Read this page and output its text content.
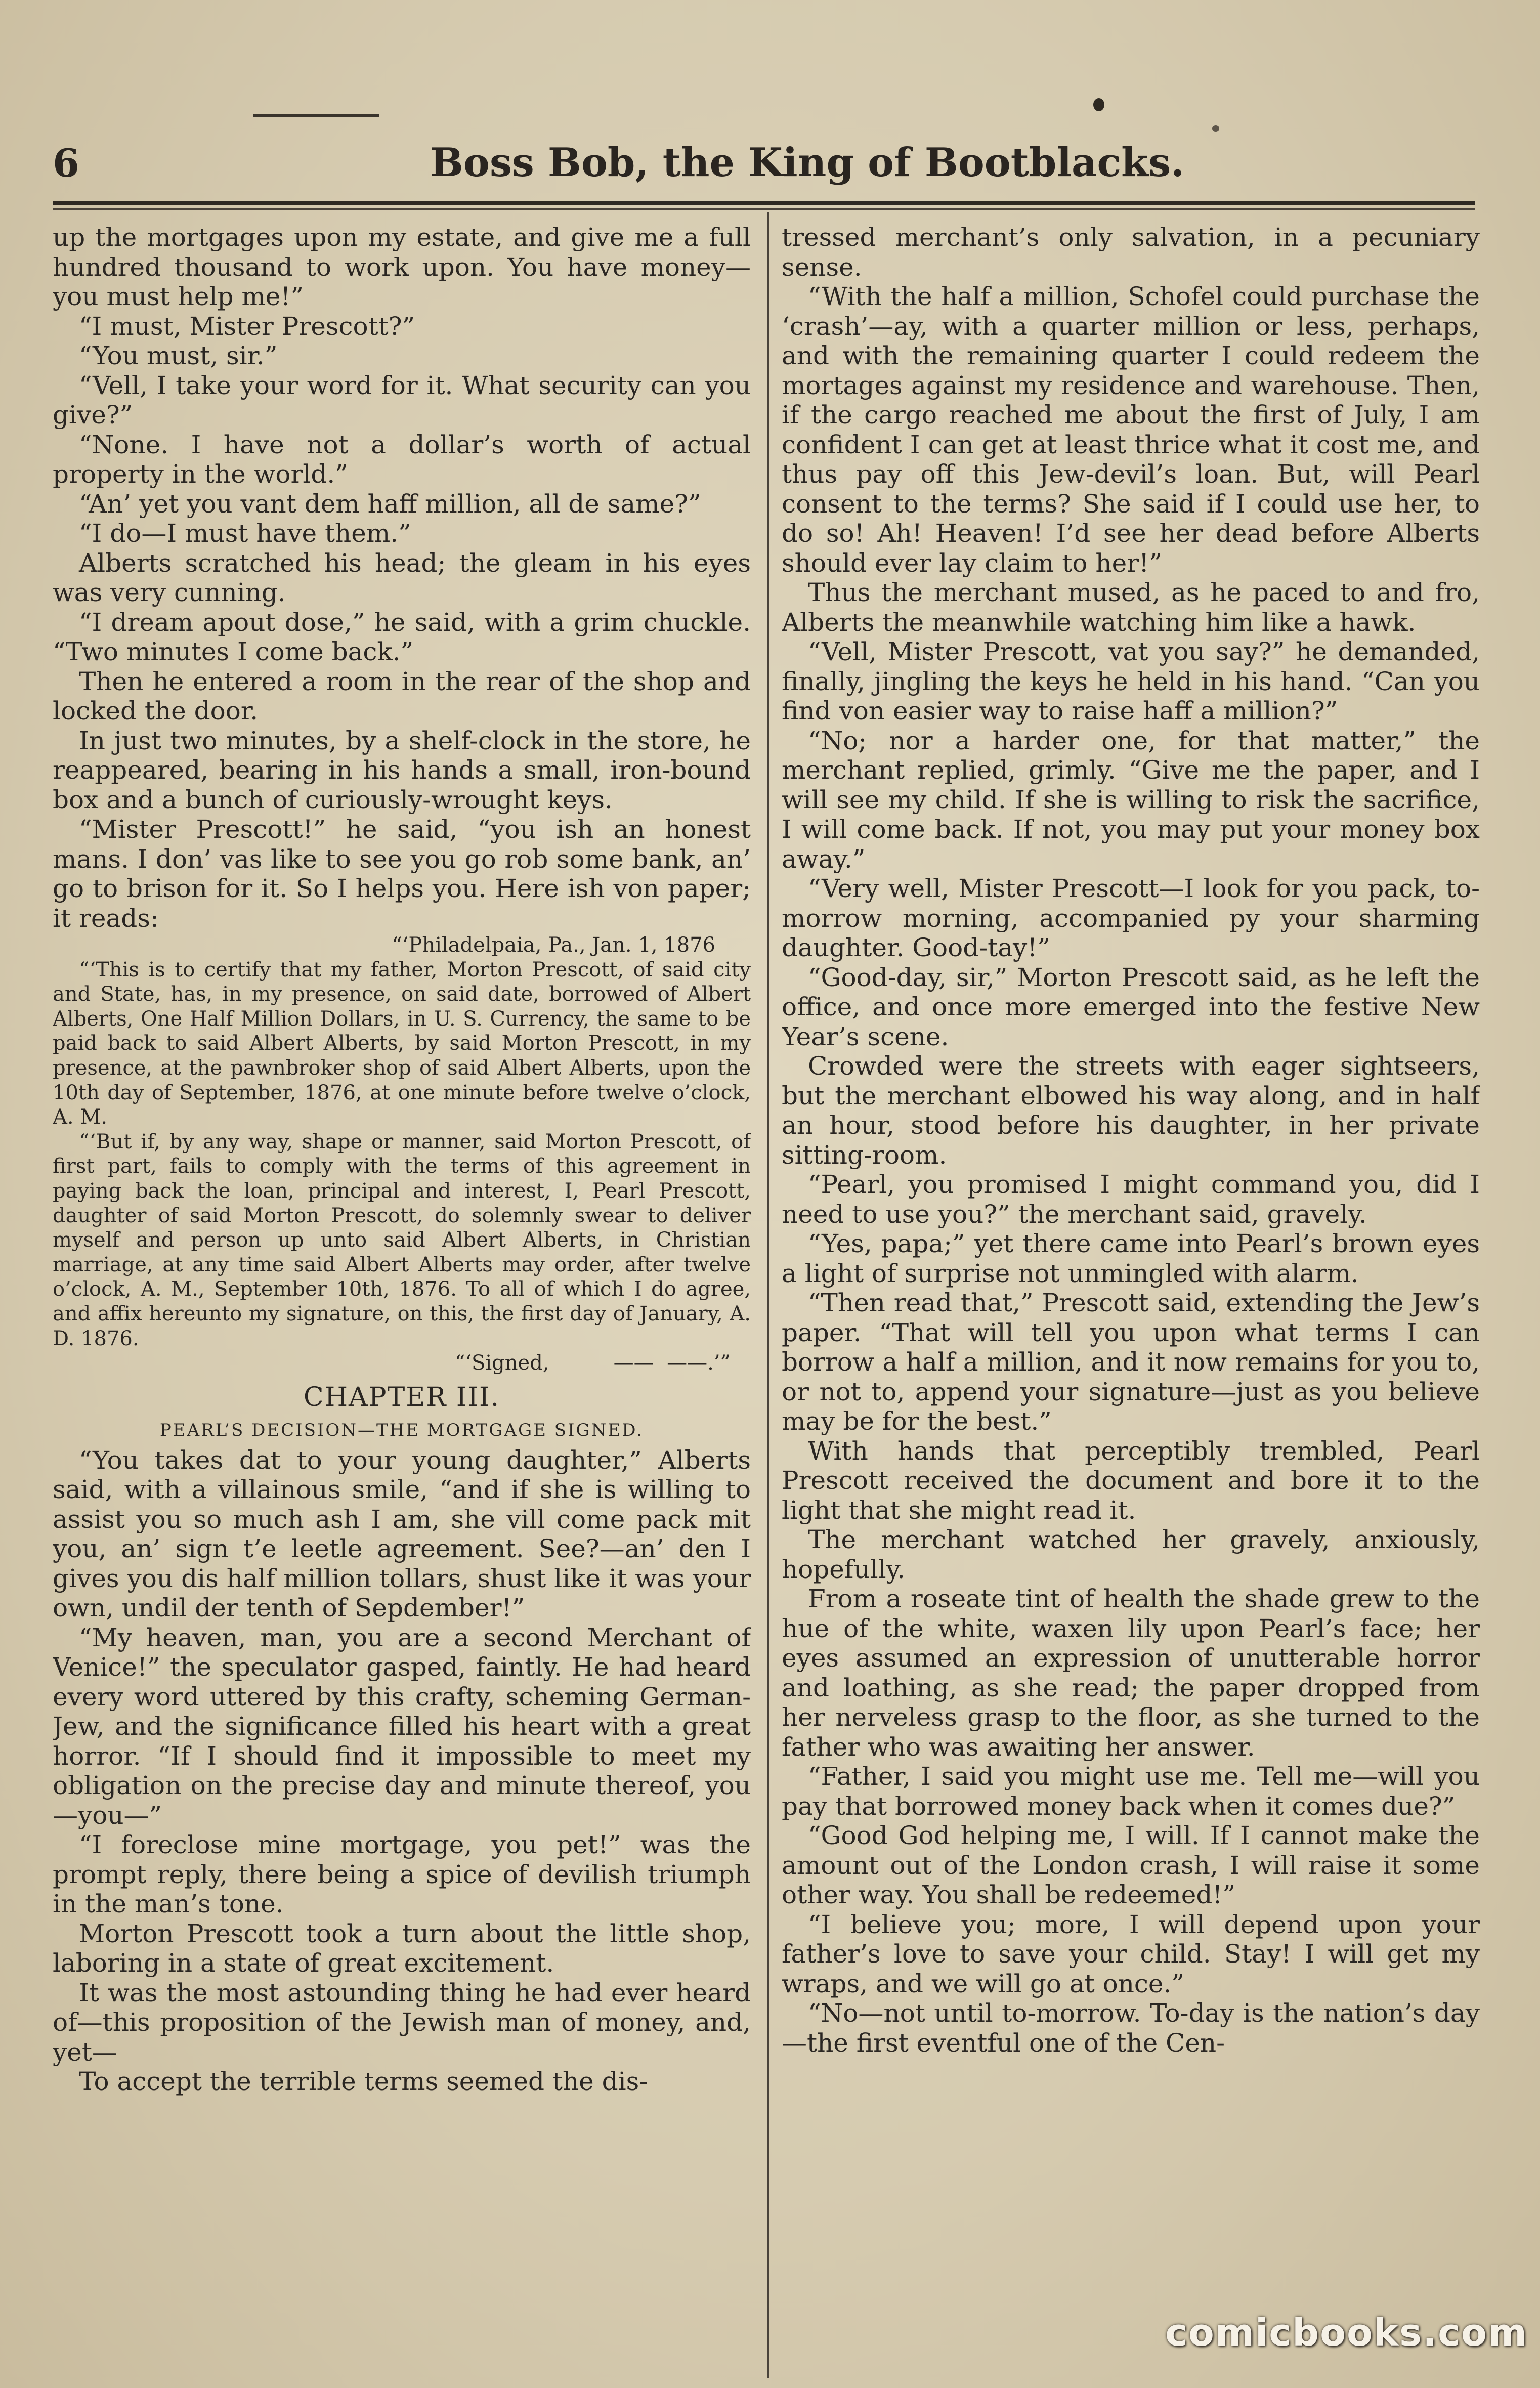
6	Boss Bob, the King of Bootblacks.

up the mortgages upon my estate, and give me a full hundred thousand to work upon. You have money—you must help me!”

“I must, Mister Prescott?”

“You must, sir.”

“Vell, I take your word for it. What security can you give?”

“None. I have not a dollar’s worth of actual property in the world.”

“An’ yet you vant dem haff million, all de same?”

“I do—I must have them.”

Alberts scratched his head; the gleam in his eyes was very cunning.

“I dream apout dose,” he said, with a grim chuckle. “Two minutes I come back.”

Then he entered a room in the rear of the shop and locked the door.

In just two minutes, by a shelf-clock in the store, he reappeared, bearing in his hands a small, iron-bound box and a bunch of curiously-wrought keys.

“Mister Prescott!” he said, “you ish an honest mans. I don’ vas like to see you go rob some bank, an’ go to brison for it. So I helps you. Here ish von paper; it reads:

“‘Philadelpaia, Pa., Jan. 1, 1876

“‘This is to certify that my father, Morton Prescott, of said city and State, has, in my presence, on said date, borrowed of Albert Alberts, One Half Million Dollars, in U. S. Currency, the same to be paid back to said Albert Alberts, by said Morton Prescott, in my presence, at the pawnbroker shop of said Albert Alberts, upon the 10th day of September, 1876, at one minute before twelve o’clock, A. M.

“‘But if, by any way, shape or manner, said Morton Prescott, of first part, fails to comply with the terms of this agreement in paying back the loan, principal and interest, I, Pearl Prescott, daughter of said Morton Prescott, do solemnly swear to deliver myself and person up unto said Albert Alberts, in Christian marriage, at any time said Albert Alberts may order, after twelve o’clock, A. M., September 10th, 1876. To all of which I do agree, and affix hereunto my signature, on this, the first day of January, A. D. 1876.

“‘Signed,          ——  ——.’”
CHAPTER III.
PEARL’S DECISION—THE MORTGAGE SIGNED.

“You takes dat to your young daughter,” Alberts said, with a villainous smile, “and if she is willing to assist you so much ash I am, she vill come pack mit you, an’ sign t’e leetle agreement. See?—an’ den I gives you dis half million tollars, shust like it was your own, undil der tenth of Sepdember!”

“My heaven, man, you are a second Merchant of Venice!” the speculator gasped, faintly. He had heard every word uttered by this crafty, scheming German-Jew, and the significance filled his heart with a great horror. “If I should find it impossible to meet my obligation on the precise day and minute thereof, you—you—”

“I foreclose mine mortgage, you pet!” was the prompt reply, there being a spice of devilish triumph in the man’s tone.

Morton Prescott took a turn about the little shop, laboring in a state of great excitement.

It was the most astounding thing he had ever heard of—this proposition of the Jewish man of money, and, yet—

To accept the terrible terms seemed the dis-

tressed merchant’s only salvation, in a pecuniary sense.

“With the half a million, Schofel could purchase the ‘crash’—ay, with a quarter million or less, perhaps, and with the remaining quarter I could redeem the mortages against my residence and warehouse. Then, if the cargo reached me about the first of July, I am confident I can get at least thrice what it cost me, and thus pay off this Jew-devil’s loan. But, will Pearl consent to the terms? She said if I could use her, to do so! Ah! Heaven! I’d see her dead before Alberts should ever lay claim to her!”

Thus the merchant mused, as he paced to and fro, Alberts the meanwhile watching him like a hawk.

“Vell, Mister Prescott, vat you say?” he demanded, finally, jingling the keys he held in his hand. “Can you find von easier way to raise haff a million?”

“No; nor a harder one, for that matter,” the merchant replied, grimly. “Give me the paper, and I will see my child. If she is willing to risk the sacrifice, I will come back. If not, you may put your money box away.”

“Very well, Mister Prescott—I look for you pack, to-morrow morning, accompanied py your sharming daughter. Good-tay!”

“Good-day, sir,” Morton Prescott said, as he left the office, and once more emerged into the festive New Year’s scene.

Crowded were the streets with eager sightseers, but the merchant elbowed his way along, and in half an hour, stood before his daughter, in her private sitting-room.

“Pearl, you promised I might command you, did I need to use you?” the merchant said, gravely.

“Yes, papa;” yet there came into Pearl’s brown eyes a light of surprise not unmingled with alarm.

“Then read that,” Prescott said, extending the Jew’s paper. “That will tell you upon what terms I can borrow a half a million, and it now remains for you to, or not to, append your signature—just as you believe may be for the best.”

With hands that perceptibly trembled, Pearl Prescott received the document and bore it to the light that she might read it.

The merchant watched her gravely, anxiously, hopefully.

From a roseate tint of health the shade grew to the hue of the white, waxen lily upon Pearl’s face; her eyes assumed an expression of unutterable horror and loathing, as she read; the paper dropped from her nerveless grasp to the floor, as she turned to the father who was awaiting her answer.

“Father, I said you might use me. Tell me—will you pay that borrowed money back when it comes due?”

“Good God helping me, I will. If I cannot make the amount out of the London crash, I will raise it some other way. You shall be redeemed!”

“I believe you; more, I will depend upon your father’s love to save your child. Stay! I will get my wraps, and we will go at once.”

“No—not until to-morrow. To-day is the nation’s day—the first eventful one of the Cen-

comicbooks.com
